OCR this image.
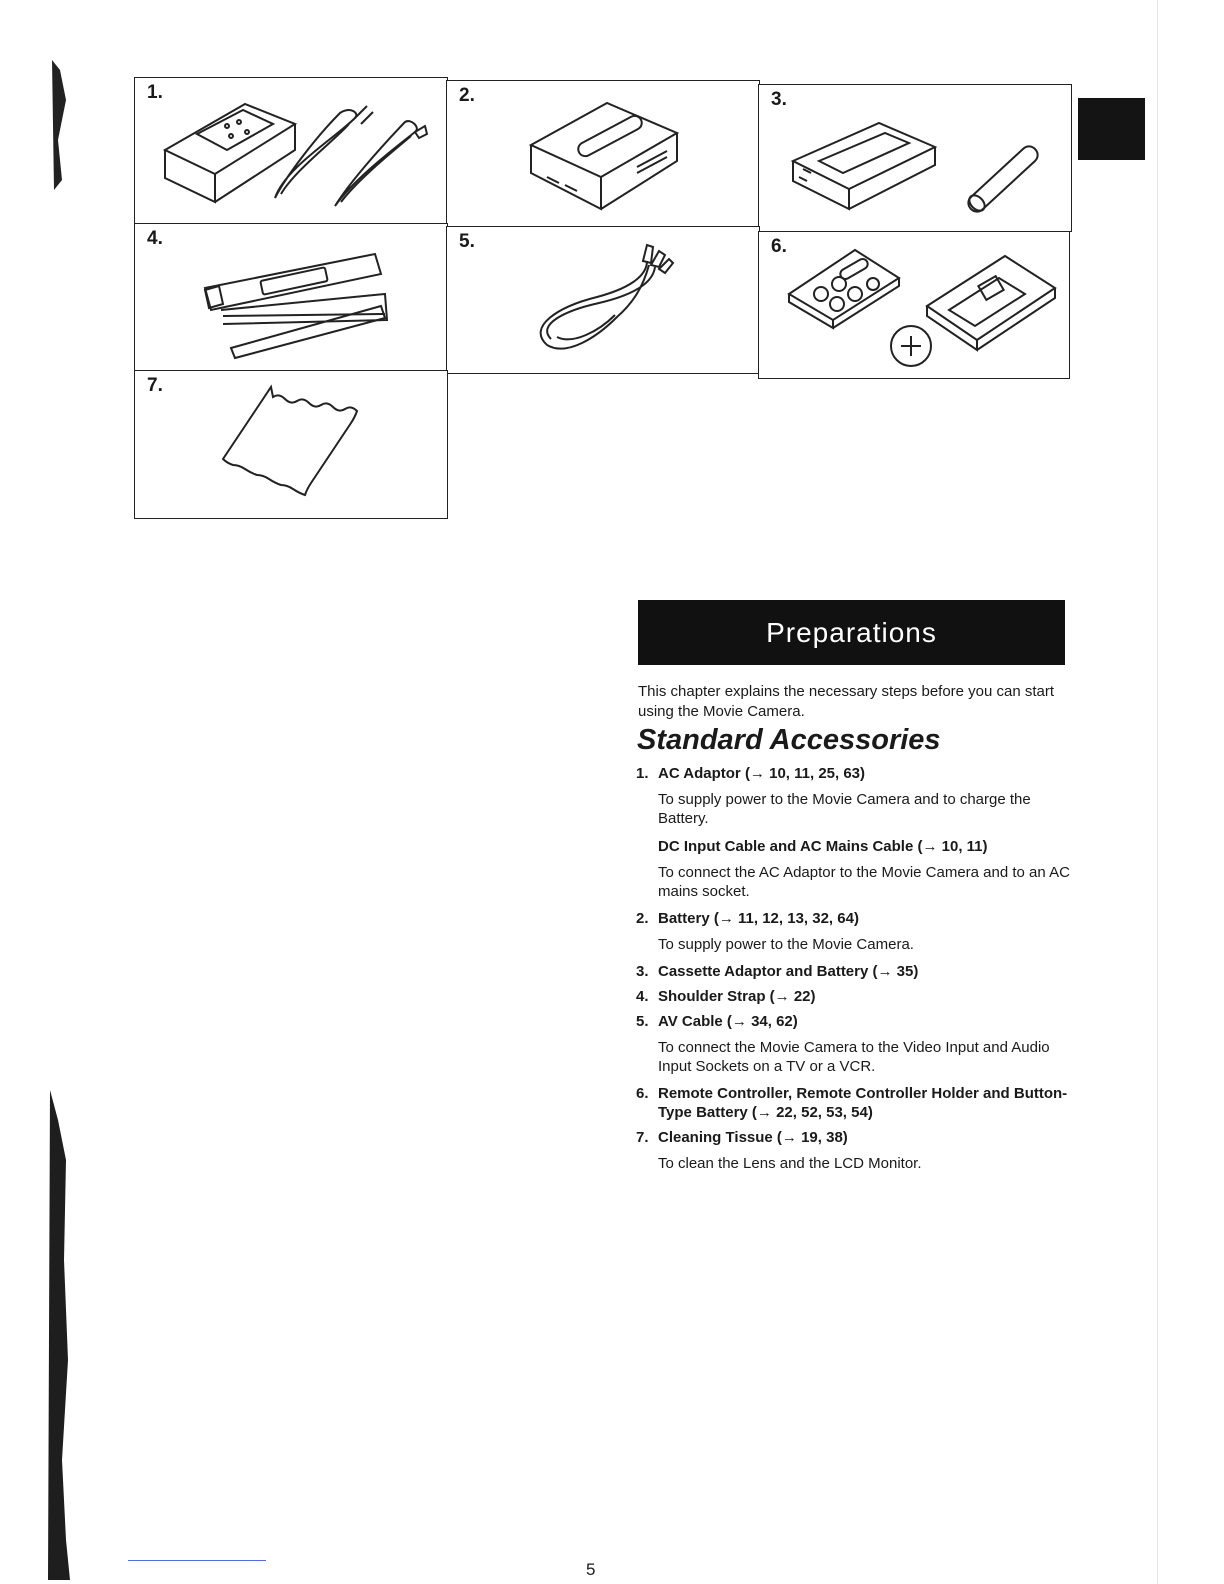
1.	2.	3.
4.	5.	6.
7.
Preparations
This chapter explains the necessary steps before you can start using the Movie Camera.
Standard Accessories
1. AC Adaptor (→ 10, 11, 25, 63)
To supply power to the Movie Camera and to charge the Battery.
DC Input Cable and AC Mains Cable (→ 10, 11)
To connect the AC Adaptor to the Movie Camera and to an AC mains socket.
2. Battery (→ 11, 12, 13, 32, 64)
To supply power to the Movie Camera.
3. Cassette Adaptor and Battery (→ 35)
4. Shoulder Strap (→ 22)
5. AV Cable (→ 34, 62)
To connect the Movie Camera to the Video Input and Audio Input Sockets on a TV or a VCR.
6. Remote Controller, Remote Controller Holder and Button-Type Battery (→ 22, 52, 53, 54)
7. Cleaning Tissue (→ 19, 38)
To clean the Lens and the LCD Monitor.
5
